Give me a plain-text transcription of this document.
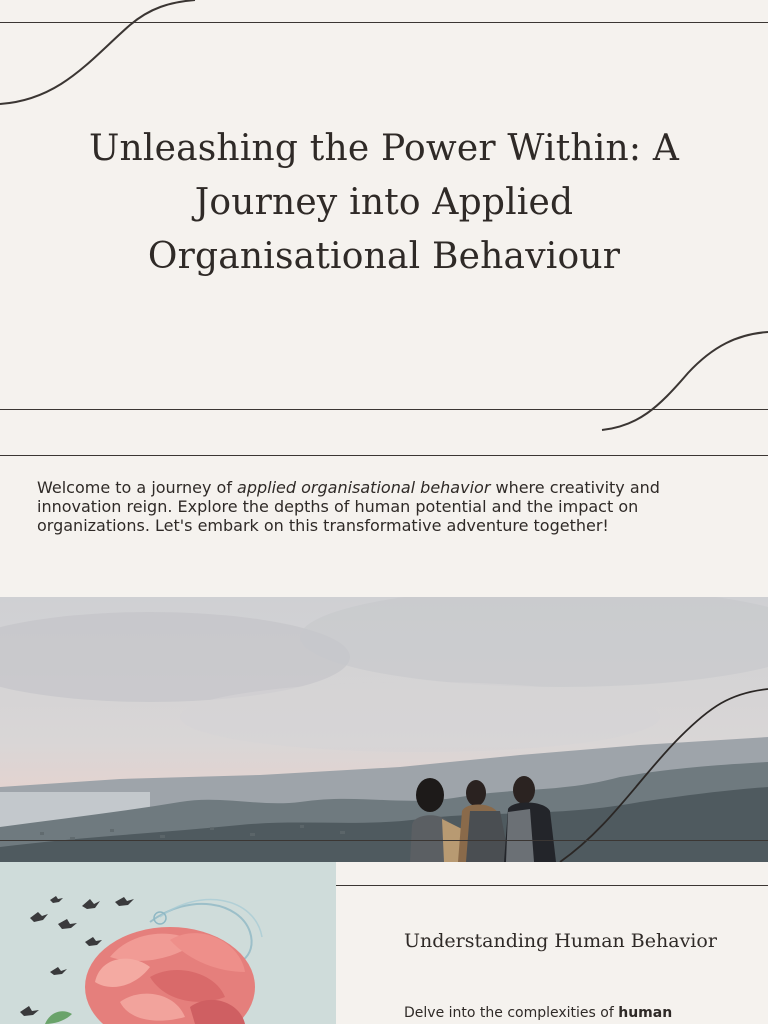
Unleashing the Power Within: A
Journey into Applied
Organisational Behaviour

Welcome to a journey of applied organisational behavior where creativity and innovation reign. Explore the depths of human potential and the impact on organizations. Let's embark on this transformative adventure together!

Understanding Human Behavior

Delve into the complexities of human
